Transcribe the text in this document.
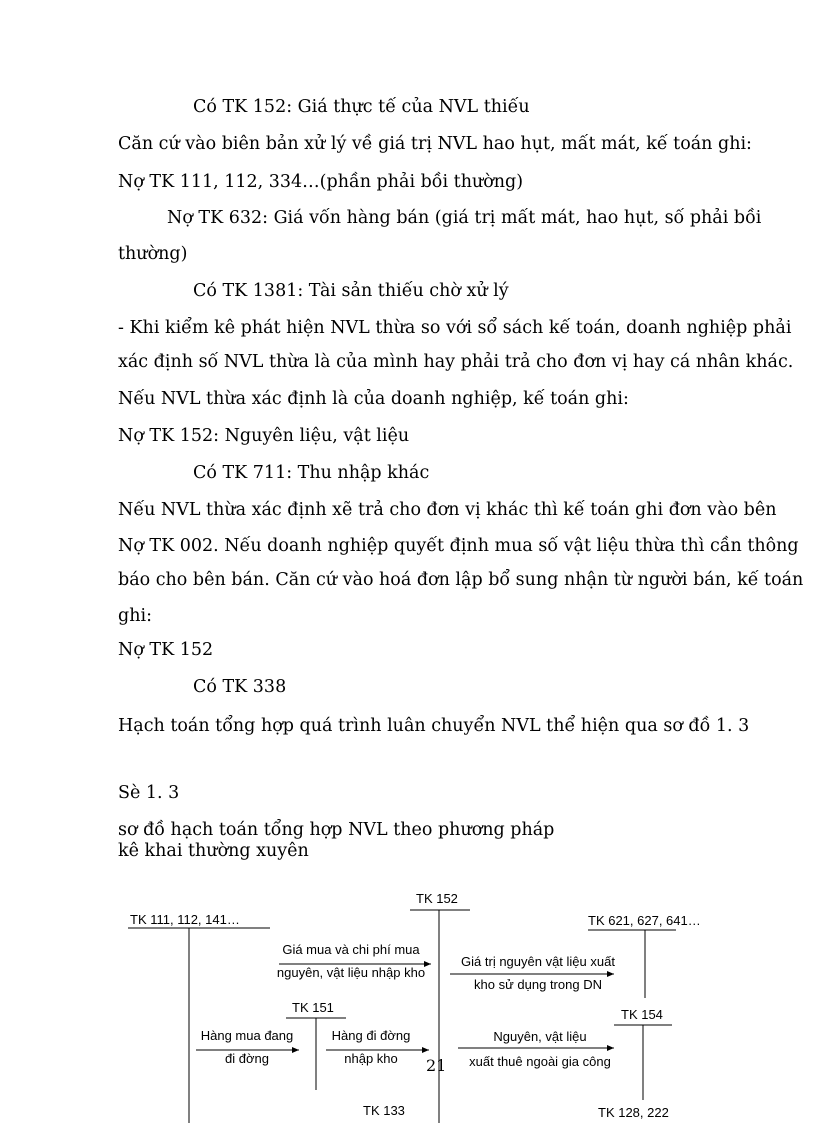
Có TK 152: Giá thực tế của NVL thiếu
Căn cứ vào biên bản xử lý về giá trị NVL hao hụt, mất mát, kế toán ghi:
Nợ TK 111, 112, 334…(phần phải bồi thường)
Nợ TK 632: Giá vốn hàng bán (giá trị mất mát, hao hụt, số phải bồi
thường)
Có TK 1381: Tài sản thiếu chờ xử lý
- Khi kiểm kê phát hiện NVL thừa so với sổ sách kế toán, doanh nghiệp phải
xác định số NVL thừa là của mình hay phải trả cho đơn vị hay cá nhân khác.
Nếu NVL thừa xác định là của doanh nghiệp, kế toán ghi:
Nợ TK 152: Nguyên liệu, vật liệu
Có TK 711: Thu nhập khác
Nếu NVL thừa xác định xẽ trả cho đơn vị khác thì kế toán ghi đơn vào bên
Nợ TK 002. Nếu doanh nghiệp quyết định mua số vật liệu thừa thì cần thông
báo cho bên bán. Căn cứ vào hoá đơn lập bổ sung nhận từ người bán, kế toán
ghi:
Nợ TK 152
Có TK 338
Hạch toán tổng hợp quá trình luân chuyển NVL thể hiện qua sơ đồ 1. 3
Sè 1. 3
sơ đồ hạch toán tổng hợp NVL theo phương pháp
kê khai thường xuyên
TK 152
TK 111, 112, 141…	TK 621, 627, 641…
Giá mua và chi phí mua
nguyên, vật liệu nhập kho
Giá trị nguyên vật liệu xuất
kho sử dụng trong DN
TK 151	TK 154
Hàng mua đang
đi đờng
Hàng đi đờng
nhập kho
Nguyên, vật liệu
xuất thuê ngoài gia công
TK 133	TK 128, 222
21
